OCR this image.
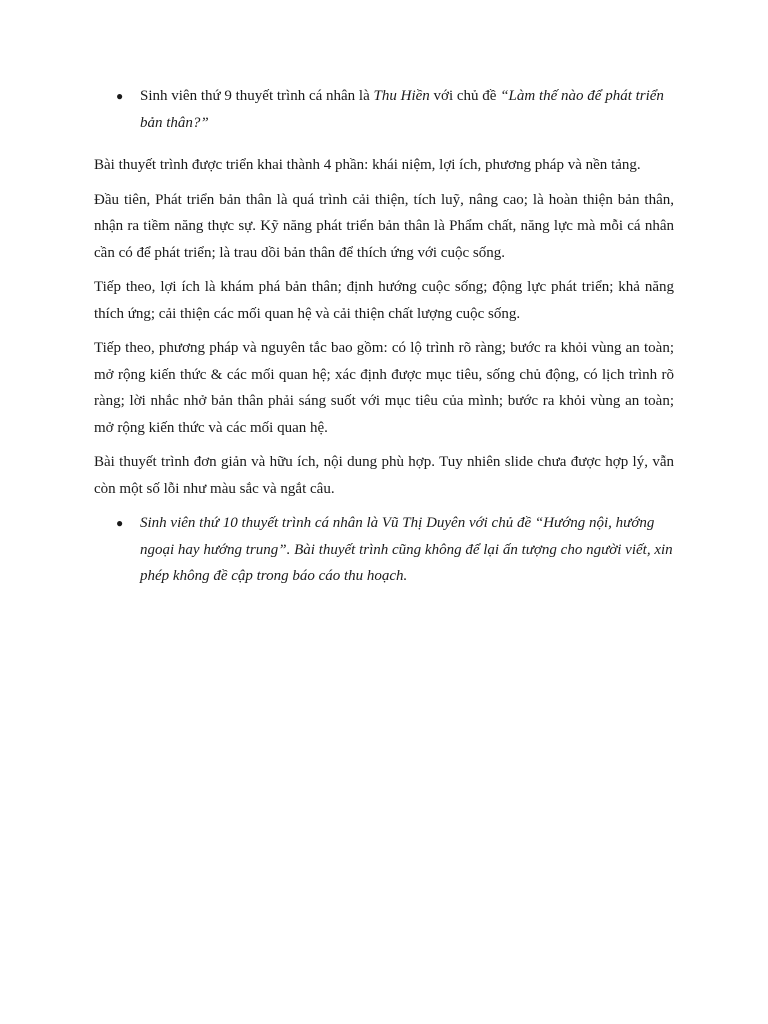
● Sinh viên thứ 9 thuyết trình cá nhân là Thu Hiền với chủ đề “Làm thế nào để phát triển bản thân?”

Bài thuyết trình được triển khai thành 4 phần: khái niệm, lợi ích, phương pháp và nền tảng.

Đầu tiên, Phát triển bản thân là quá trình cải thiện, tích luỹ, nâng cao; là hoàn thiện bản thân, nhận ra tiềm năng thực sự. Kỹ năng phát triển bản thân là Phẩm chất, năng lực mà mỗi cá nhân cần có để phát triển; là trau dồi bản thân để thích ứng với cuộc sống.

Tiếp theo, lợi ích là khám phá bản thân; định hướng cuộc sống; động lực phát triển; khả năng thích ứng; cải thiện các mối quan hệ và cải thiện chất lượng cuộc sống.

Tiếp theo, phương pháp và nguyên tắc bao gồm: có lộ trình rõ ràng; bước ra khỏi vùng an toàn; mở rộng kiến thức & các mối quan hệ; xác định được mục tiêu, sống chủ động, có lịch trình rõ ràng; lời nhắc nhở bản thân phải sáng suốt với mục tiêu của mình; bước ra khỏi vùng an toàn; mở rộng kiến thức và các mối quan hệ.

Bài thuyết trình đơn giản và hữu ích, nội dung phù hợp. Tuy nhiên slide chưa được hợp lý, vẫn còn một số lỗi như màu sắc và ngắt câu.

● Sinh viên thứ 10 thuyết trình cá nhân là Vũ Thị Duyên với chủ đề “Hướng nội, hướng ngoại hay hướng trung”. Bài thuyết trình cũng không để lại ấn tượng cho người viết, xin phép không đề cập trong báo cáo thu hoạch.
